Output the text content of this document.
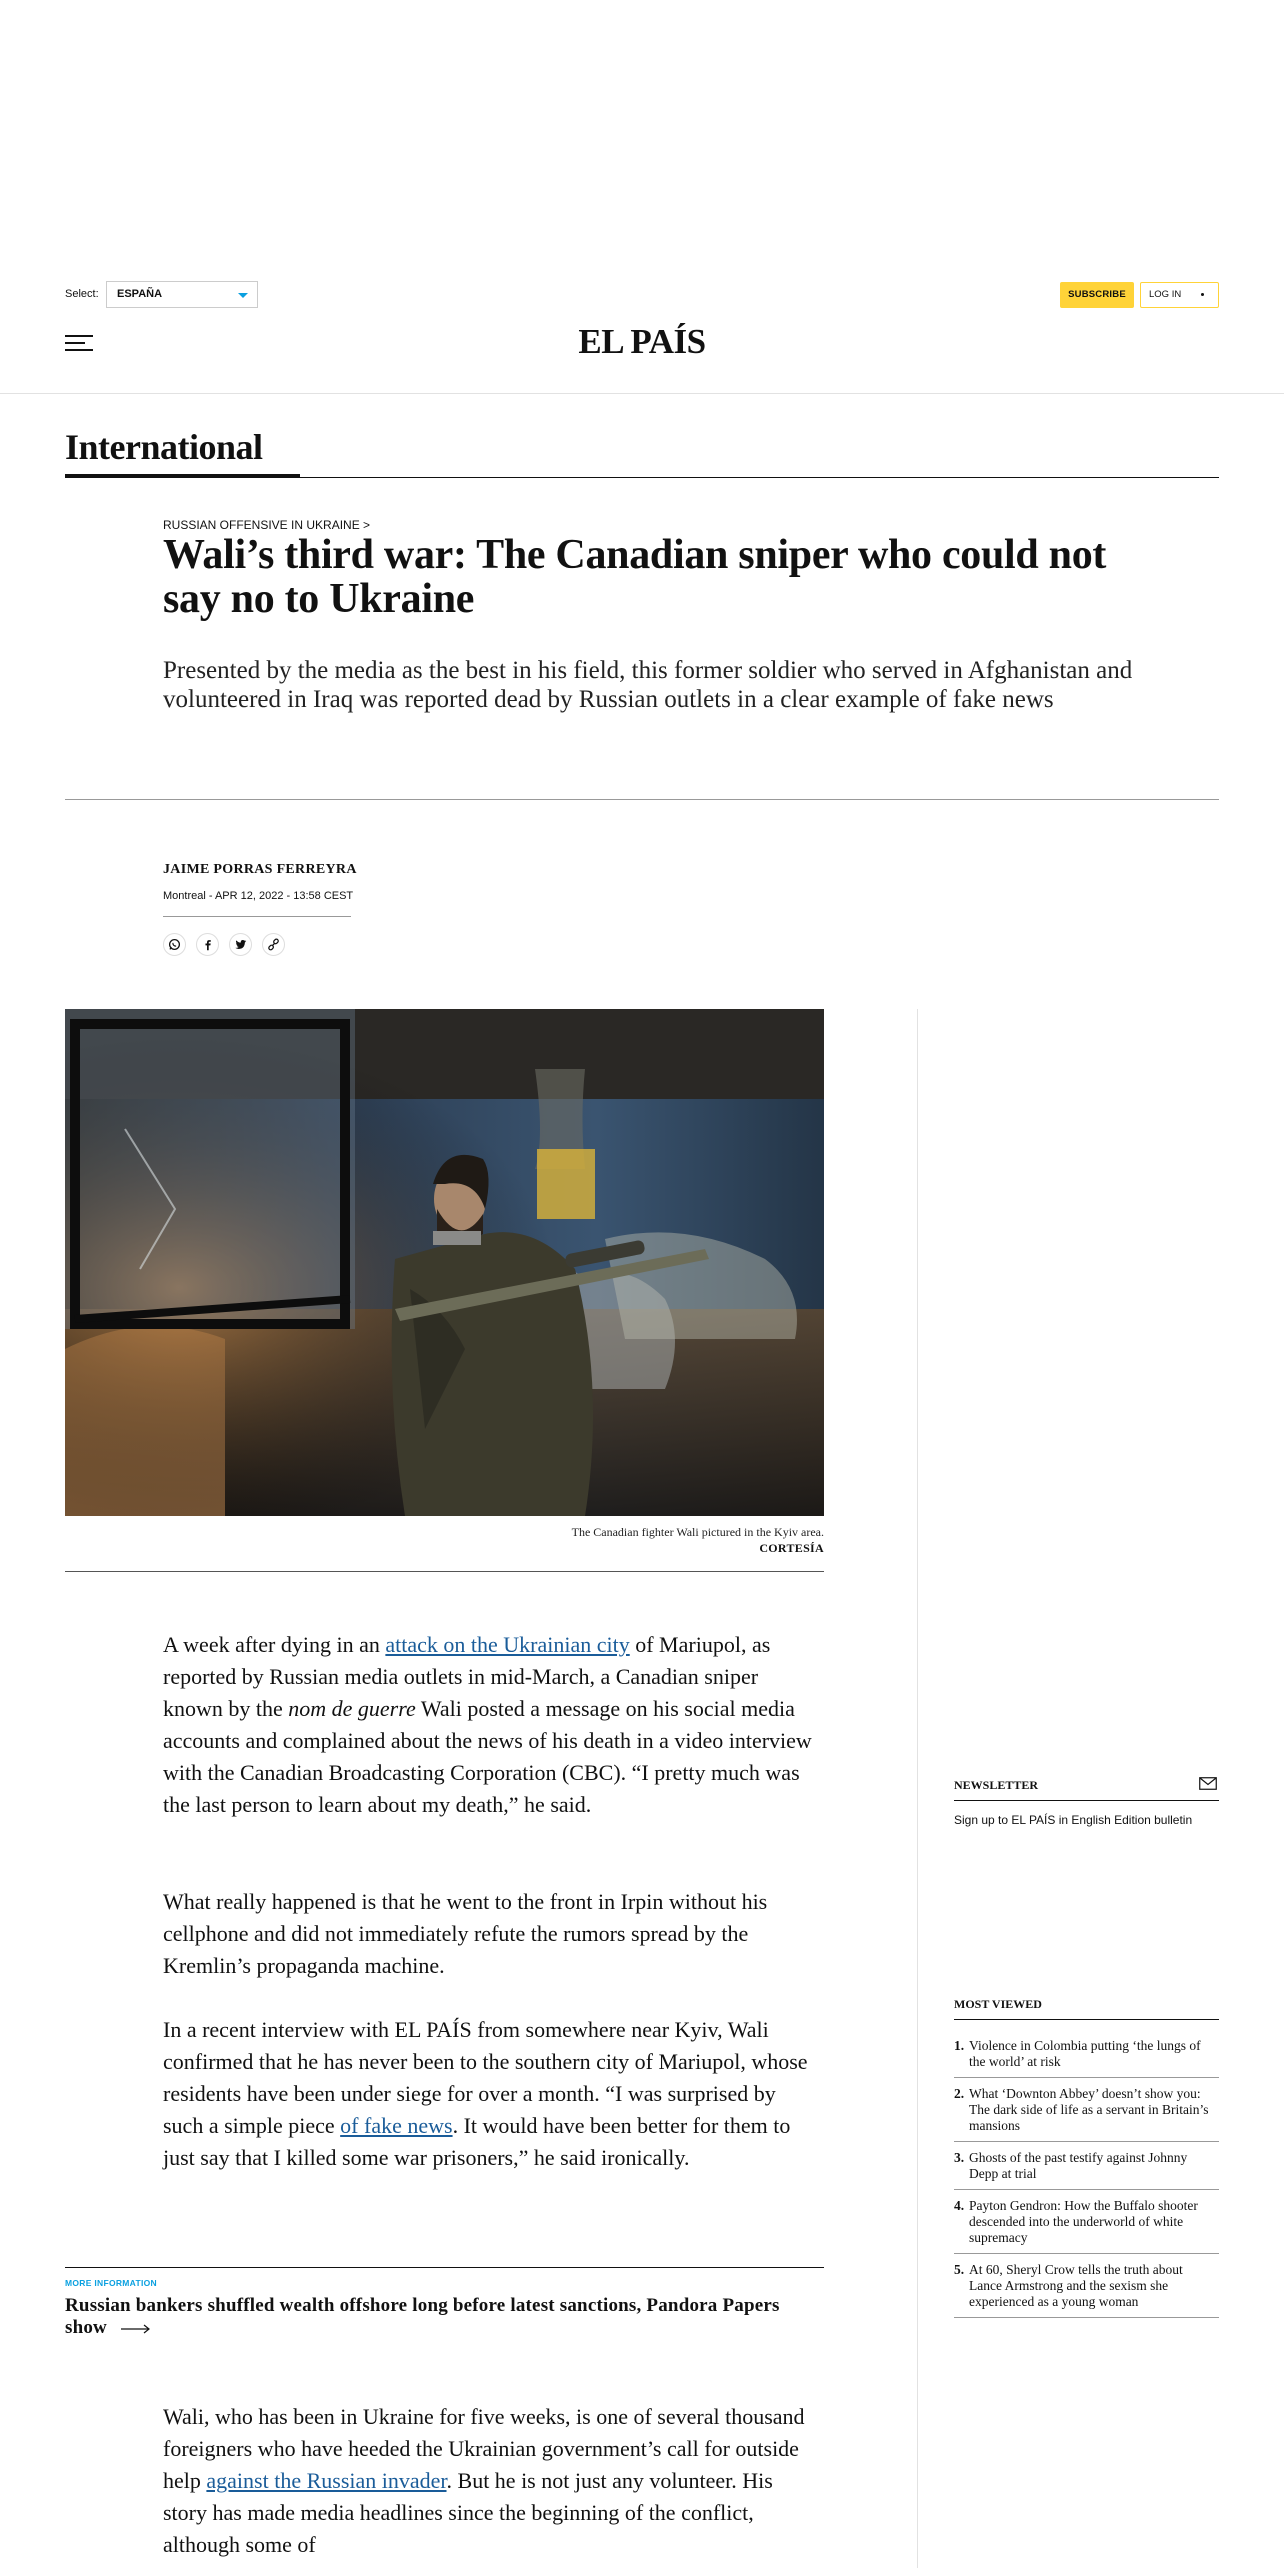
Select:	ESPAÑA	SUBSCRIBE	LOG IN
EL PAÍS
International
RUSSIAN OFFENSIVE IN UKRAINE >
Wali’s third war: The Canadian sniper who could not say no to Ukraine
Presented by the media as the best in his field, this former soldier who served in Afghanistan and volunteered in Iraq was reported dead by Russian outlets in a clear example of fake news
JAIME PORRAS FERREYRA
Montreal - APR 12, 2022 - 13:58 CEST
The Canadian fighter Wali pictured in the Kyiv area.
CORTESÍA

A week after dying in an attack on the Ukrainian city of Mariupol, as reported by Russian media outlets in mid-March, a Canadian sniper known by the nom de guerre Wali posted a message on his social media accounts and complained about the news of his death in a video interview with the Canadian Broadcasting Corporation (CBC). “I pretty much was the last person to learn about my death,” he said.

What really happened is that he went to the front in Irpin without his cellphone and did not immediately refute the rumors spread by the Kremlin’s propaganda machine.

In a recent interview with EL PAÍS from somewhere near Kyiv, Wali confirmed that he has never been to the southern city of Mariupol, whose residents have been under siege for over a month. “I was surprised by such a simple piece of fake news. It would have been better for them to just say that I killed some war prisoners,” he said ironically.

MORE INFORMATION
Russian bankers shuffled wealth offshore long before latest sanctions, Pandora Papers show

Wali, who has been in Ukraine for five weeks, is one of several thousand foreigners who have heeded the Ukrainian government’s call for outside help against the Russian invader. But he is not just any volunteer. His story has made media headlines since the beginning of the conflict, although some of

NEWSLETTER
Sign up to EL PAÍS in English Edition bulletin
MOST VIEWED
1. Violence in Colombia putting ‘the lungs of the world’ at risk
2. What ‘Downton Abbey’ doesn’t show you: The dark side of life as a servant in Britain’s mansions
3. Ghosts of the past testify against Johnny Depp at trial
4. Payton Gendron: How the Buffalo shooter descended into the underworld of white supremacy
5. At 60, Sheryl Crow tells the truth about Lance Armstrong and the sexism she experienced as a young woman
